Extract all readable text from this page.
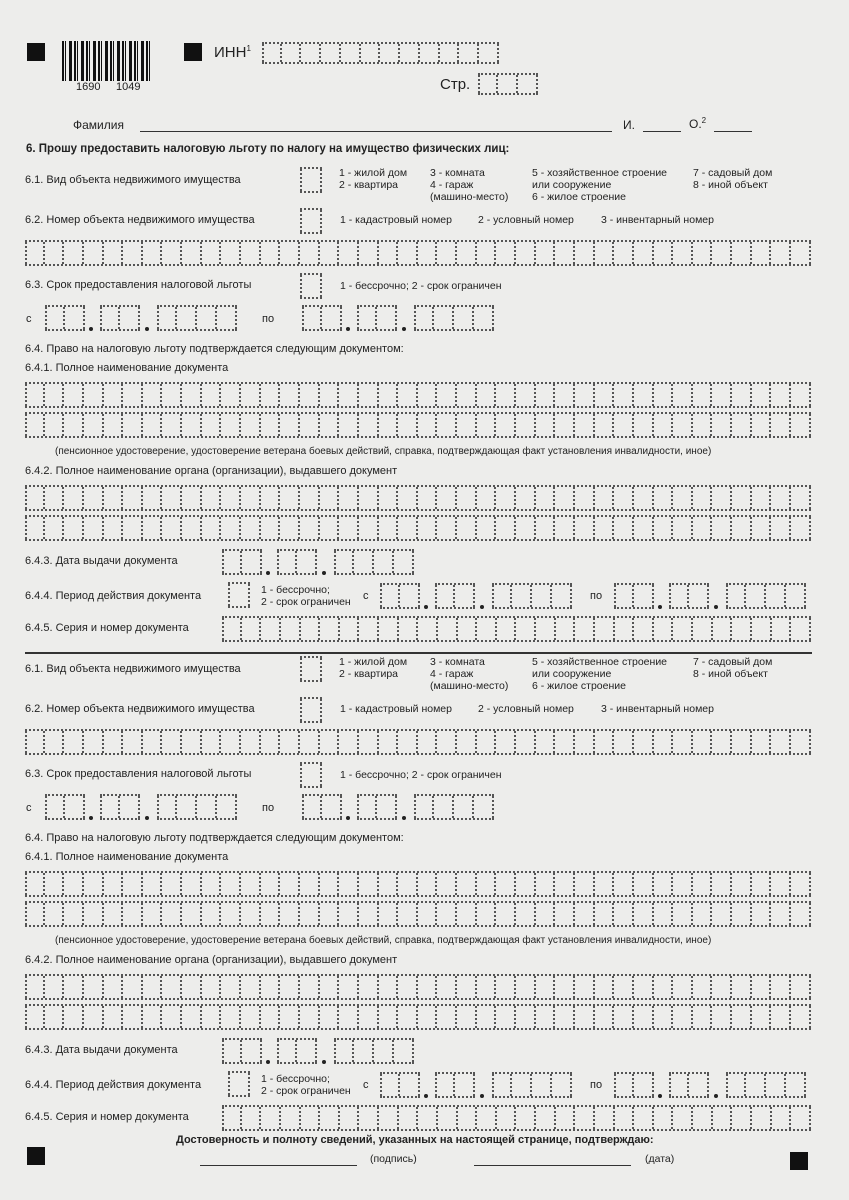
1690 1049
ИНН$^1$
Стр.
Фамилия	И.	О.$^2$
6. Прошу предоставить налоговую льготу по налогу на имущество физических лиц:
6.1. Вид объекта недвижимого имущества
1 - жилой дом
2 - квартира
3 - комната
4 - гараж
(машино-место)
5 - хозяйственное строение
или сооружение
6 - жилое строение
7 - садовый дом
8 - иной объект
6.2. Номер объекта недвижимого имущества	1 - кадастровый номер 2 - условный номер	3 - инвентарный номер
6.3. Срок предоставления налоговой льготы	1 - бессрочно; 2 - срок ограничен
с	по
6.4. Право на налоговую льготу подтверждается следующим документом:
6.4.1. Полное наименование документа
(пенсионное удостоверение, удостоверение ветерана боевых действий, справка, подтверждающая факт установления инвалидности, иное)
6.4.2. Полное наименование органа (организации), выдавшего документ
6.4.3. Дата выдачи документа
6.4.4. Период действия документа	1 - бессрочно;
2 - срок ограничен с	по
6.4.5. Серия и номер документа
6.1. Вид объекта недвижимого имущества
1 - жилой дом
2 - квартира
3 - комната
4 - гараж
(машино-место)
5 - хозяйственное строение
или сооружение
6 - жилое строение
7 - садовый дом
8 - иной объект
6.2. Номер объекта недвижимого имущества	1 - кадастровый номер 2 - условный номер	3 - инвентарный номер
6.3. Срок предоставления налоговой льготы	1 - бессрочно; 2 - срок ограничен
с	по
6.4. Право на налоговую льготу подтверждается следующим документом:
6.4.1. Полное наименование документа
(пенсионное удостоверение, удостоверение ветерана боевых действий, справка, подтверждающая факт установления инвалидности, иное)
6.4.2. Полное наименование органа (организации), выдавшего документ
6.4.3. Дата выдачи документа
6.4.4. Период действия документа	1 - бессрочно;
2 - срок ограничен с	по
6.4.5. Серия и номер документа
Достоверность и полноту сведений, указанных на настоящей странице, подтверждаю:
(подпись)	(дата)
